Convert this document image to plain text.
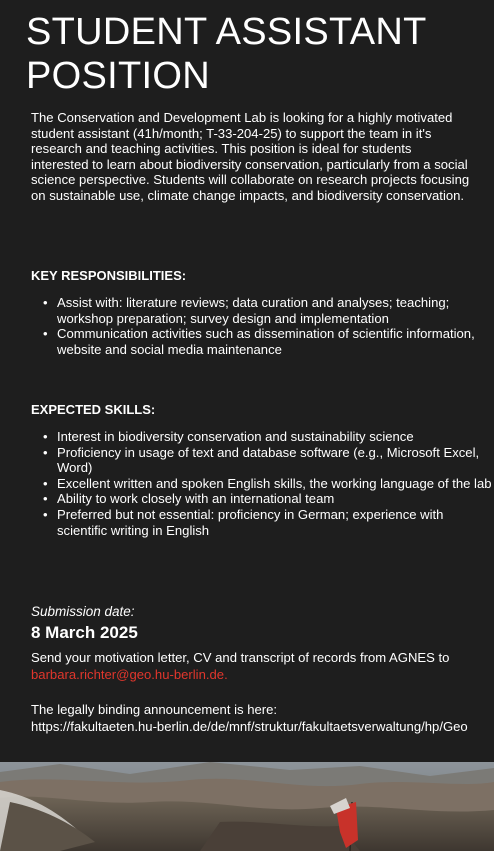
STUDENT ASSISTANT POSITION

The Conservation and Development Lab is looking for a highly motivated student assistant (41h/month; T-33-204-25) to support the team in it's research and teaching activities. This position is ideal for students interested to learn about biodiversity conservation, particularly from a social science perspective. Students will collaborate on research projects focusing on sustainable use, climate change impacts, and biodiversity conservation.

KEY RESPONSIBILITIES:

• Assist with: literature reviews; data curation and analyses; teaching; workshop preparation; survey design and implementation
• Communication activities such as dissemination of scientific information, website and social media maintenance

EXPECTED SKILLS:

• Interest in biodiversity conservation and sustainability science
• Proficiency in usage of text and database software (e.g., Microsoft Excel, Word)
• Excellent written and spoken English skills, the working language of the lab
• Ability to work closely with an international team
• Preferred but not essential: proficiency in German; experience with scientific writing in English

Submission date:

8 March 2025

Send your motivation letter, CV and transcript of records from AGNES to barbara.richter@geo.hu-berlin.de.

The legally binding announcement is here:
https://fakultaeten.hu-berlin.de/de/mnf/struktur/fakultaetsverwaltung/hp/Geo
